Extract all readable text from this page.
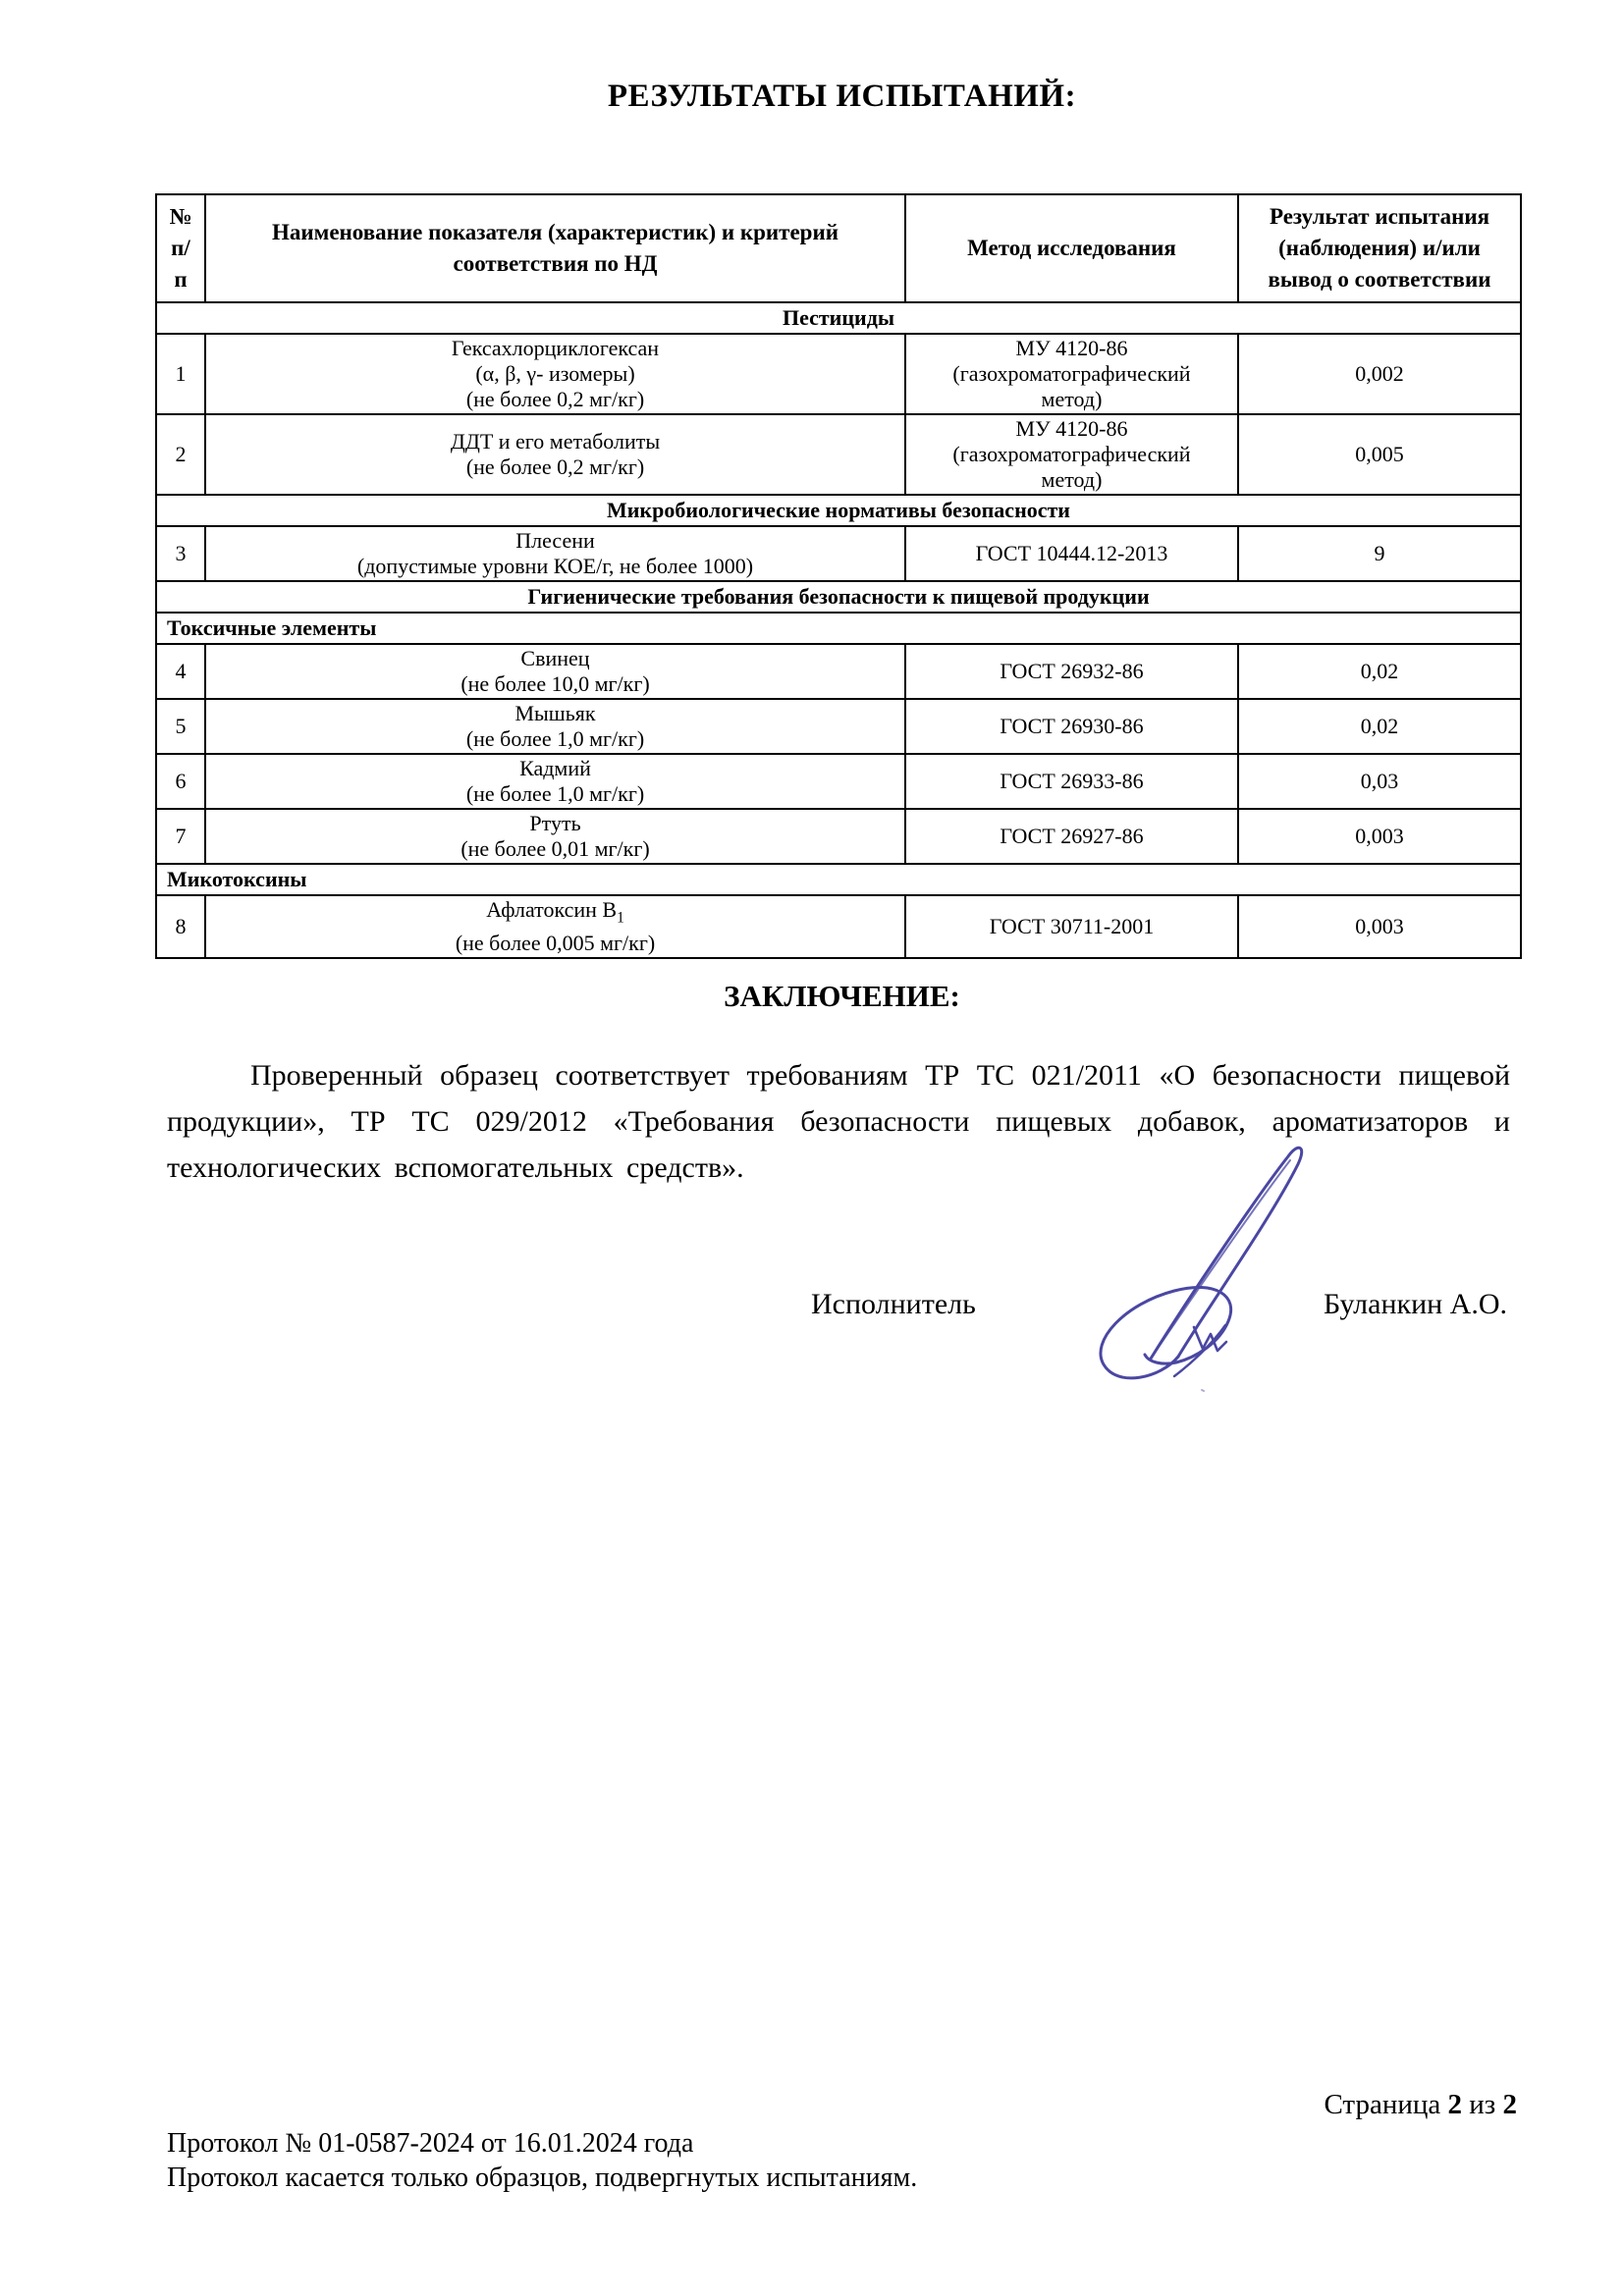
РЕЗУЛЬТАТЫ ИСПЫТАНИЙ:
№ п/п	Наименование показателя (характеристик) и критерий соответствия по НД	Метод исследования	Результат испытания (наблюдения) и/или вывод о соответствии
Пестициды			
1	Гексахлорциклогексан
(α, β, γ- изомеры)
(не более 0,2 мг/кг)	МУ 4120-86
(газохроматографический
метод)	0,002
2	ДДТ и его метаболиты
(не более 0,2 мг/кг)	МУ 4120-86
(газохроматографический
метод)	0,005
Микробиологические нормативы безопасности			
3	Плесени
(допустимые уровни КОЕ/г, не более 1000)	ГОСТ 10444.12-2013	9
Гигиенические требования безопасности к пищевой продукции			
Токсичные элементы			
4	Свинец
(не более 10,0 мг/кг)	ГОСТ 26932-86	0,02
5	Мышьяк
(не более 1,0 мг/кг)	ГОСТ 26930-86	0,02
6	Кадмий
(не более 1,0 мг/кг)	ГОСТ 26933-86	0,03
7	Ртуть
(не более 0,01 мг/кг)	ГОСТ 26927-86	0,003
Микотоксины			
8	Афлатоксин $В_1$
(не более 0,005 мг/кг)	ГОСТ 30711-2001	0,003
ЗАКЛЮЧЕНИЕ:
Проверенный образец соответствует требованиям ТР ТС 021/2011 «О безопасности пищевой продукции», ТР ТС 029/2012 «Требования безопасности пищевых добавок, ароматизаторов и технологических вспомогательных средств».
Исполнитель	Буланкин А.О.
Страница 2 из 2
Протокол № 01-0587-2024 от 16.01.2024 года
Протокол касается только образцов, подвергнутых испытаниям.
